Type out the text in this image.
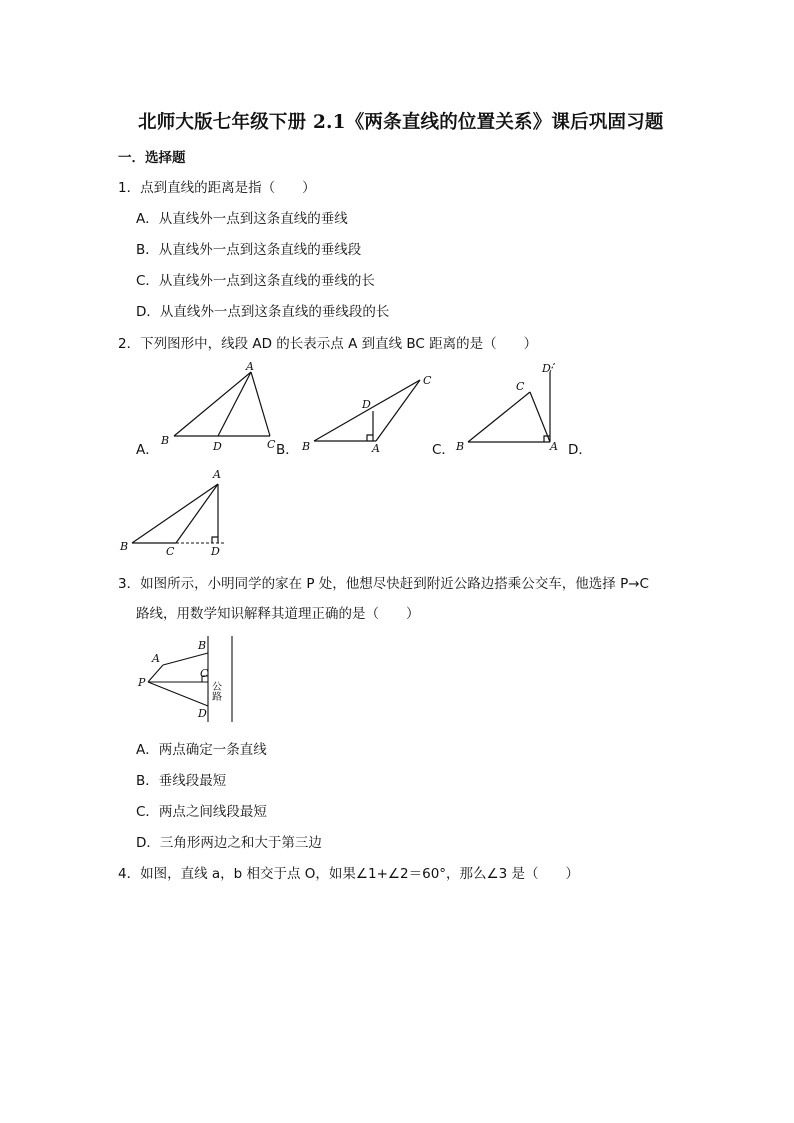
北师大版七年级下册 2.1《两条直线的位置关系》课后巩固习题
一．选择题
1．点到直线的距离是指（　　）
A．从直线外一点到这条直线的垂线
B．从直线外一点到这条直线的垂线段
C．从直线外一点到这条直线的垂线的长
D．从直线外一点到这条直线的垂线段的长
2．下列图形中，线段 AD 的长表示点 A 到直线 BC 距离的是（　　）
A．	B．	C．	D．
A
B	D	C
C
D
B	A
D
C
B	A
A
B	C	D
3．如图所示，小明同学的家在 P 处，他想尽快赶到附近公路边搭乘公交车，他选择 P→C
路线，用数学知识解释其道理正确的是（　　）
A
B
C
P
D
公路
A．两点确定一条直线
B．垂线段最短
C．两点之间线段最短
D．三角形两边之和大于第三边
4．如图，直线 a，b 相交于点 O，如果∠1+∠2＝60°，那么∠3 是（　　）
